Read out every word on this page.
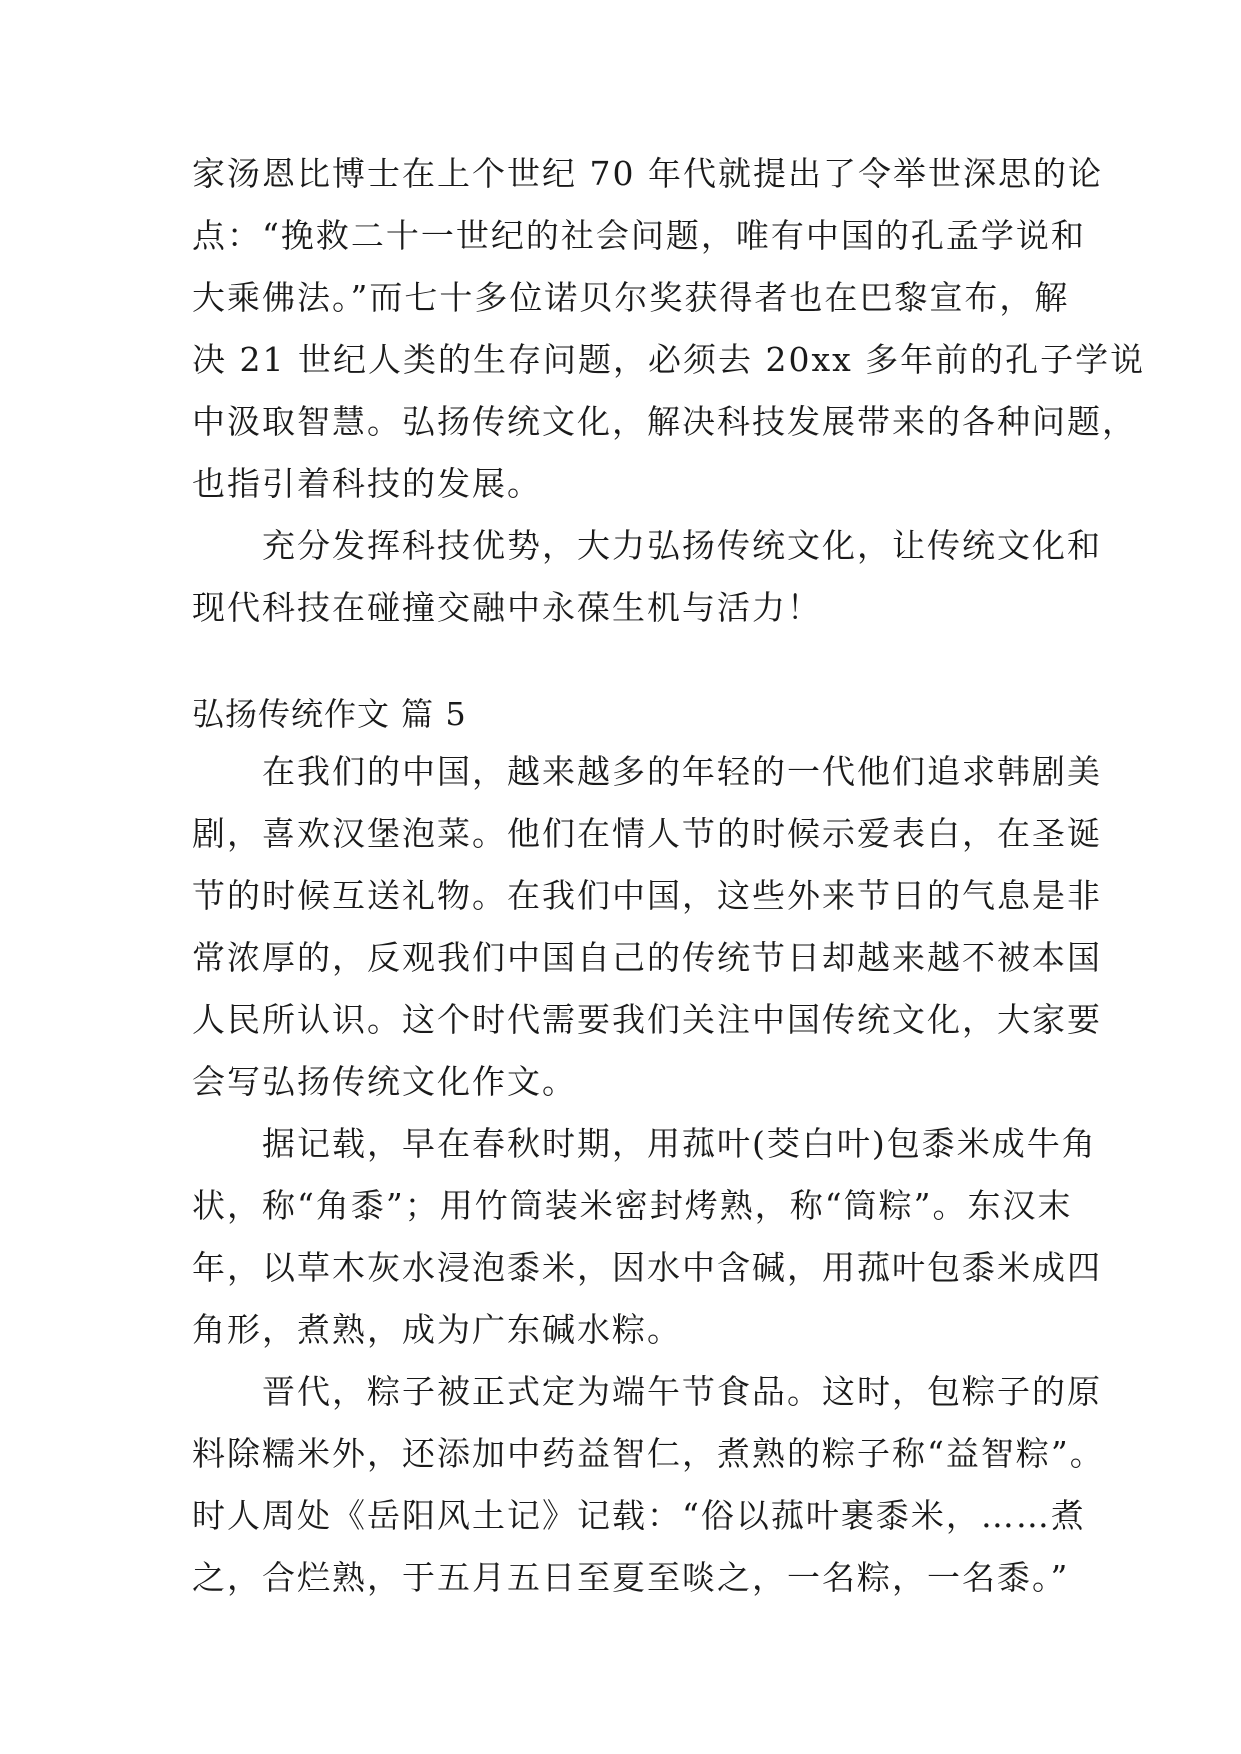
家汤恩比博士在上个世纪 70 年代就提出了令举世深思的论
点：“挽救二十一世纪的社会问题，唯有中国的孔孟学说和
大乘佛法。”而七十多位诺贝尔奖获得者也在巴黎宣布，解
决 21 世纪人类的生存问题，必须去 20xx 多年前的孔子学说
中汲取智慧。弘扬传统文化，解决科技发展带来的各种问题，
也指引着科技的发展。
　　充分发挥科技优势，大力弘扬传统文化，让传统文化和
现代科技在碰撞交融中永葆生机与活力！
弘扬传统作文 篇 5
　　在我们的中国，越来越多的年轻的一代他们追求韩剧美
剧，喜欢汉堡泡菜。他们在情人节的时候示爱表白，在圣诞
节的时候互送礼物。在我们中国，这些外来节日的气息是非
常浓厚的，反观我们中国自己的传统节日却越来越不被本国
人民所认识。这个时代需要我们关注中国传统文化，大家要
会写弘扬传统文化作文。
　　据记载，早在春秋时期，用菰叶(茭白叶)包黍米成牛角
状，称“角黍”；用竹筒装米密封烤熟，称“筒粽”。东汉末
年，以草木灰水浸泡黍米，因水中含碱，用菰叶包黍米成四
角形，煮熟，成为广东碱水粽。
　　晋代，粽子被正式定为端午节食品。这时，包粽子的原
料除糯米外，还添加中药益智仁，煮熟的粽子称“益智粽”。
时人周处《岳阳风土记》记载：“俗以菰叶裹黍米，……煮
之，合烂熟，于五月五日至夏至啖之，一名粽，一名黍。”
